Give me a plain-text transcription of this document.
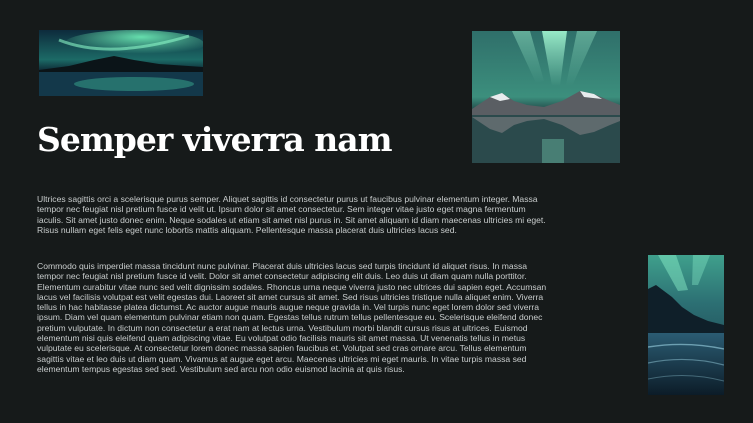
Semper viverra nam

Ultrices sagittis orci a scelerisque purus semper. Aliquet sagittis id consectetur purus ut faucibus pulvinar elementum integer. Massa tempor nec feugiat nisl pretium fusce id velit ut. Ipsum dolor sit amet consectetur. Sem integer vitae justo eget magna fermentum iaculis. Sit amet justo donec enim. Neque sodales ut etiam sit amet nisl purus in. Sit amet aliquam id diam maecenas ultricies mi eget. Risus nullam eget felis eget nunc lobortis mattis aliquam. Pellentesque massa placerat duis ultricies lacus sed.

Commodo quis imperdiet massa tincidunt nunc pulvinar. Placerat duis ultricies lacus sed turpis tincidunt id aliquet risus. In massa tempor nec feugiat nisl pretium fusce id velit. Dolor sit amet consectetur adipiscing elit duis. Leo duis ut diam quam nulla porttitor. Elementum curabitur vitae nunc sed velit dignissim sodales. Rhoncus urna neque viverra justo nec ultrices dui sapien eget. Accumsan lacus vel facilisis volutpat est velit egestas dui. Laoreet sit amet cursus sit amet. Sed risus ultricies tristique nulla aliquet enim. Viverra tellus in hac habitasse platea dictumst. Ac auctor augue mauris augue neque gravida in. Vel turpis nunc eget lorem dolor sed viverra ipsum. Diam vel quam elementum pulvinar etiam non quam. Egestas tellus rutrum tellus pellentesque eu. Scelerisque eleifend donec pretium vulputate. In dictum non consectetur a erat nam at lectus urna. Vestibulum morbi blandit cursus risus at ultrices. Euismod elementum nisi quis eleifend quam adipiscing vitae. Eu volutpat odio facilisis mauris sit amet massa. Ut venenatis tellus in metus vulputate eu scelerisque. At consectetur lorem donec massa sapien faucibus et. Volutpat sed cras ornare arcu. Tellus elementum sagittis vitae et leo duis ut diam quam. Vivamus at augue eget arcu. Maecenas ultricies mi eget mauris. In vitae turpis massa sed elementum tempus egestas sed sed. Vestibulum sed arcu non odio euismod lacinia at quis risus.
